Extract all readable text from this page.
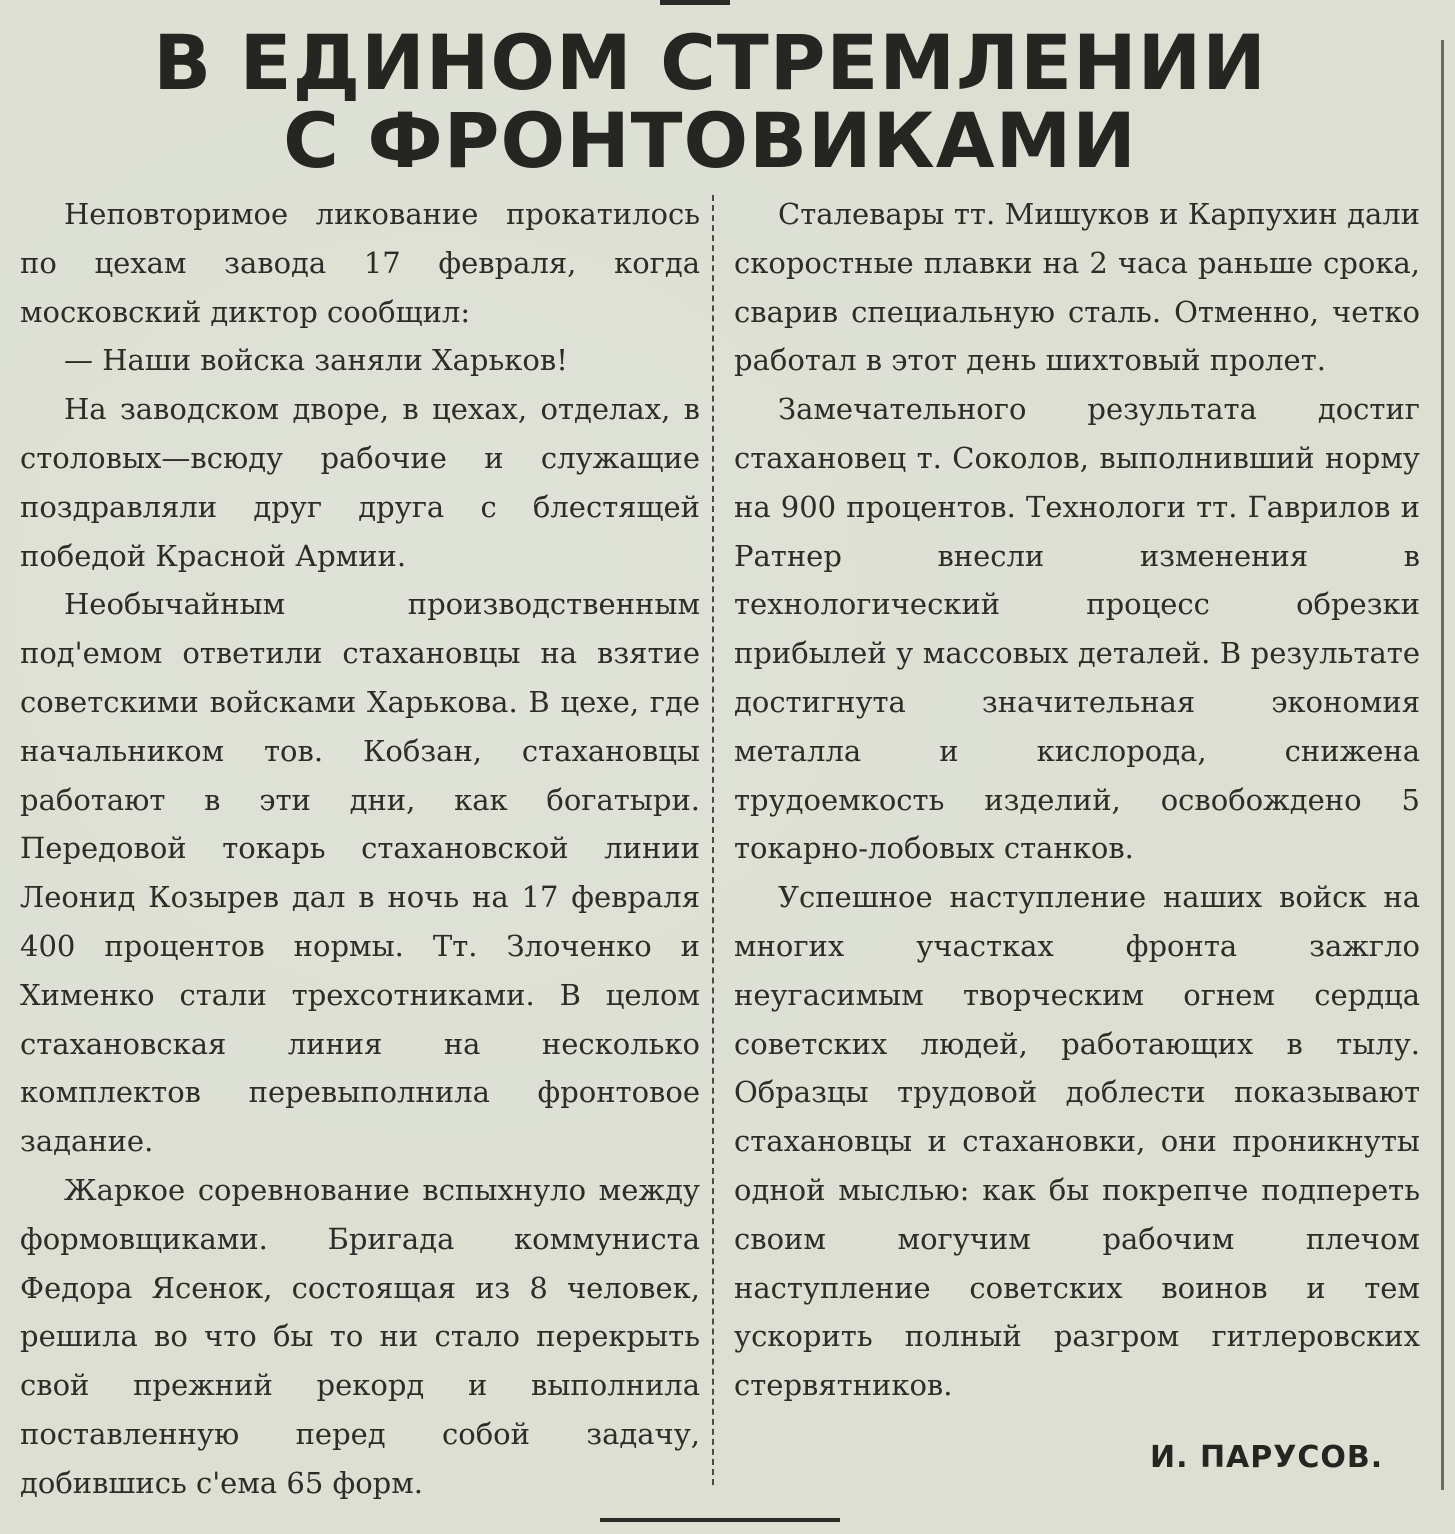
В ЕДИНОМ СТРЕМЛЕНИИ
С ФРОНТОВИКАМИ

Неповторимое ликование прокатилось по цехам завода 17 февраля, когда московский диктор сообщил:

— Наши войска заняли Харьков!

На заводском дворе, в цехах, отделах, в столовых—всюду рабочие и служащие поздравляли друг друга с блестящей победой Красной Армии.

Необычайным производственным под'емом ответили стахановцы на взятие советскими войсками Харькова. В цехе, где начальником тов. Кобзан, стахановцы работают в эти дни, как богатыри. Передовой токарь стахановской линии Леонид Козырев дал в ночь на 17 февраля 400 процентов нормы. Тт. Злоченко и Химeнко стали трехсотниками. В целом стахановская линия на несколько комплектов перевыполнила фронтовое задание.

Жаркое соревнование вспыхнуло между формовщиками. Бригада коммуниста Федора Ясенок, состоящая из 8 человек, решила во что бы то ни стало перекрыть свой прежний рекорд и выполнила поставленную перед собой задачу, добившись с'ема 65 форм.

Сталевары тт. Мишуков и Карпухин дали скоростные плавки на 2 часа раньше срока, сварив специальную сталь. Отменно, четко работал в этот день шихтовый пролет.

Замечательного результата достиг стахановец т. Соколов, выполнивший норму на 900 процентов. Технологи тт. Гаврилов и Ратнер внесли изменения в технологический процесс обрезки прибылей у массовых деталей. В результате достигнута значительная экономия металла и кислорода, снижена трудоемкость изделий, освобождено 5 токарно-лобовых станков.

Успешное наступление наших войск на многих участках фронта зажгло неугасимым творческим огнем сердца советских людей, работающих в тылу. Образцы трудовой доблести показывают стахановцы и стахановки, они проникнуты одной мыслью: как бы покрепче подпереть своим могучим рабочим плечом наступление советских воинов и тем ускорить полный разгром гитлеровских стервятников.

И. ПАРУСОВ.
